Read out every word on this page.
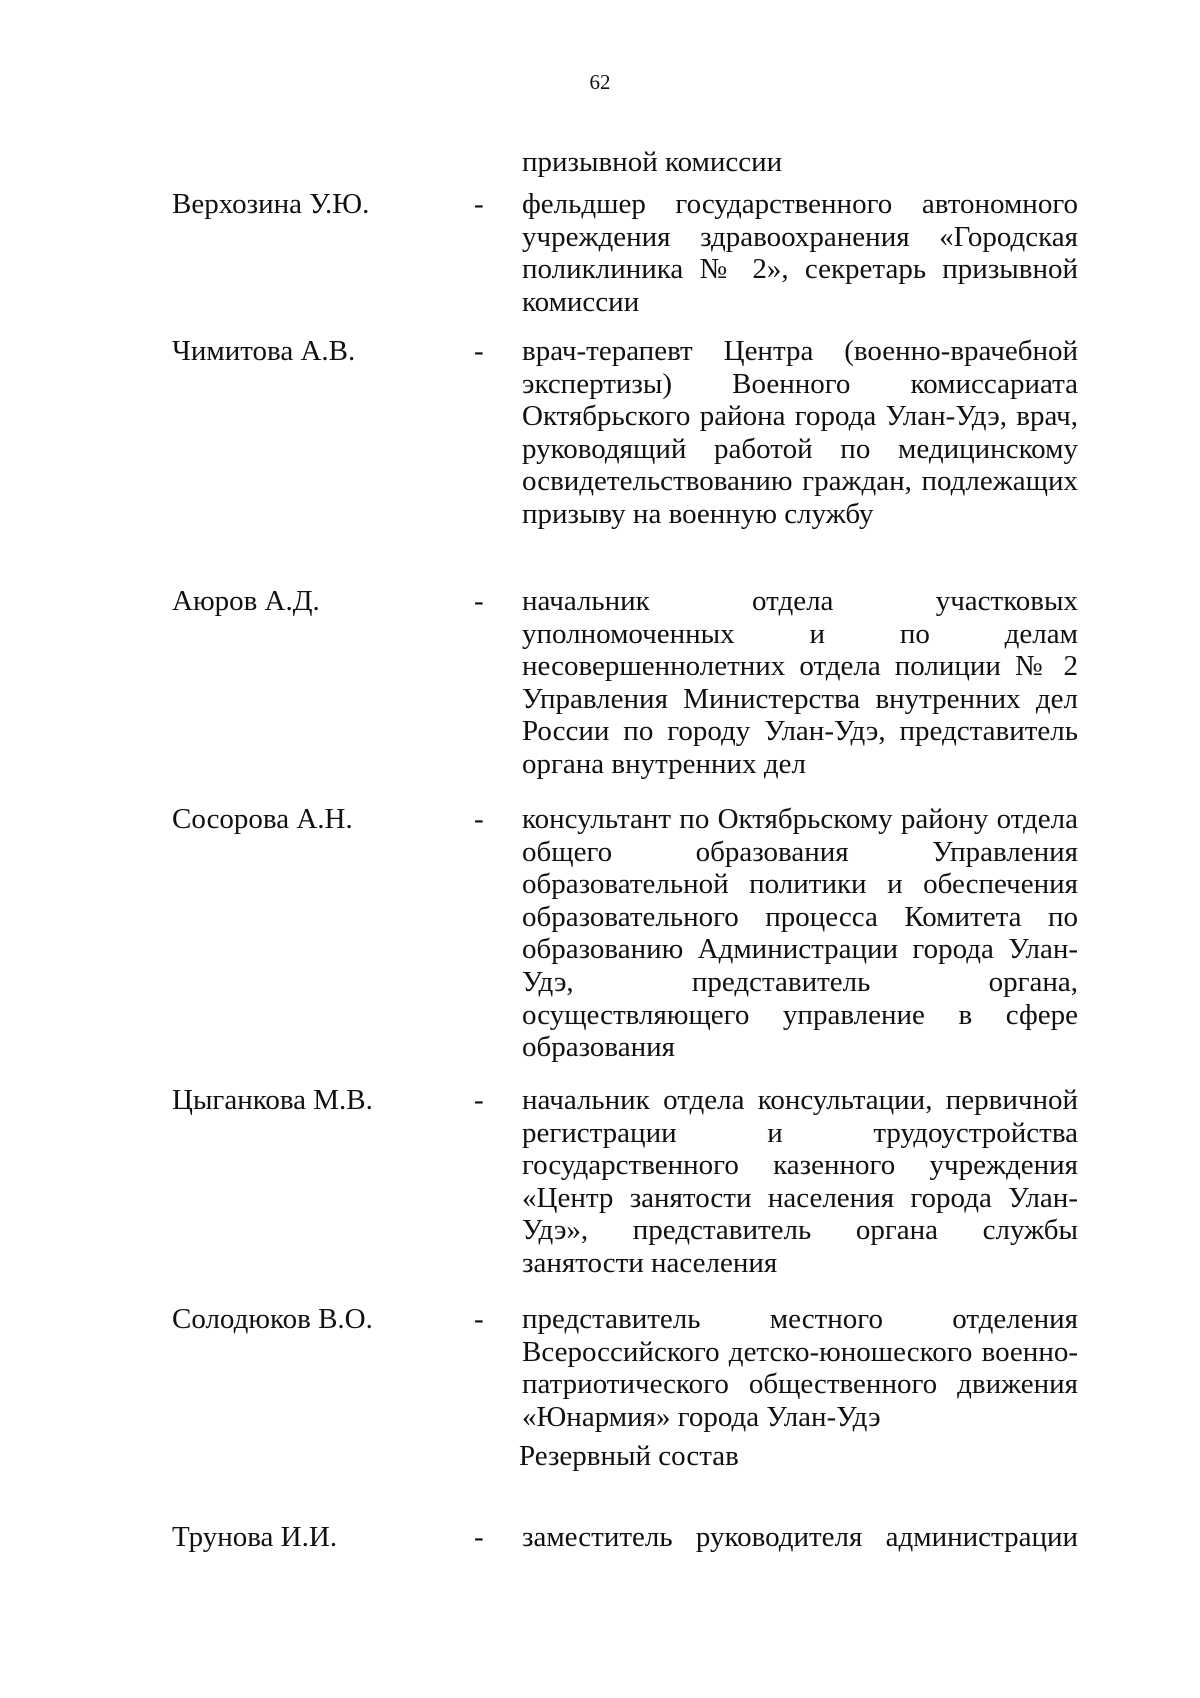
62
призывной комиссии
Верхозина У.Ю.	- фельдшер государственного автономного учреждения здравоохранения «Городская поликлиника № 2», секретарь призывной комиссии

Чимитова А.В.	- врач-терапевт Центра (военно-врачебной экспертизы) Военного комиссариата Октябрьского района города Улан-Удэ, врач, руководящий работой по медицинскому освидетельствованию граждан, подлежащих призыву на военную службу

Аюров А.Д.	- начальник отдела участковых уполномоченных и по делам несовершеннолетних отдела полиции № 2 Управления Министерства внутренних дел России по городу Улан-Удэ, представитель органа внутренних дел

Сосорова А.Н.	- консультант по Октябрьскому району отдела общего образования Управления образовательной политики и обеспечения образовательного процесса Комитета по образованию Администрации города Улан-Удэ, представитель органа, осуществляющего управление в сфере образования

Цыганкова М.В.	- начальник отдела консультации, первичной регистрации и трудоустройства государственного казенного учреждения «Центр занятости населения города Улан-Удэ», представитель органа службы занятости населения

Солодюков В.О.	- представитель местного отделения Всероссийского детско-юношеского военно-патриотического общественного движения «Юнармия» города Улан-Удэ

Резервный состав
Трунова И.И.	- заместитель руководителя администрации
